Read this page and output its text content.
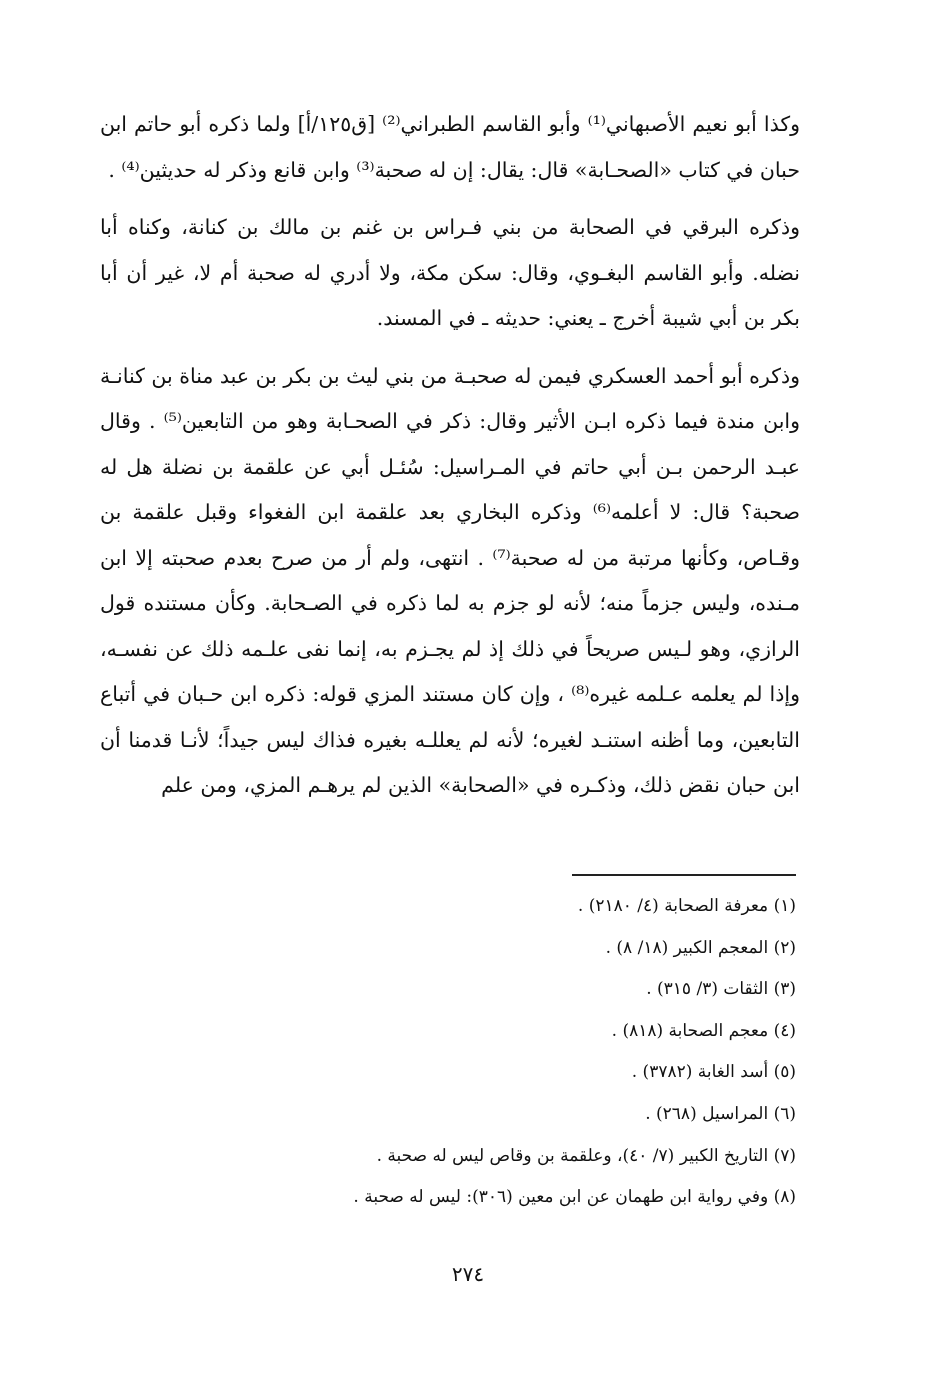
وكذا أبو نعيم الأصبهاني⁽¹⁾ وأبو القاسم الطبراني⁽²⁾ [ق١٢٥/أ] ولما ذكره أبو حاتم ابن حبان في كتاب «الصحـابة» قال: يقال: إن له صحبة⁽³⁾ وابن قانع وذكر له حديثين⁽⁴⁾ .

وذكره البرقي في الصحابة من بني فـراس بن غنم بن مالك بن كنانة، وكناه أبا نضله. وأبو القاسم البغـوي، وقال: سكن مكة، ولا أدري له صحبة أم لا، غير أن أبا بكر بن أبي شيبة أخرج ـ يعني: حديثه ـ في المسند.

وذكره أبو أحمد العسكري فيمن له صحبـة من بني ليث بن بكر بن عبد مناة بن كنانـة وابن مندة فيما ذكره ابـن الأثير وقال: ذكر في الصحـابة وهو من التابعين⁽⁵⁾ . وقال عبـد الرحمن بـن أبي حاتم في المـراسيل: سُئـل أبي عن علقمة بن نضلة هل له صحبة؟ قال: لا أعلمه⁽⁶⁾ وذكره البخاري بعد علقمة ابن الفغواء وقبل علقمة بن وقـاص، وكأنها مرتبة من له صحبة⁽⁷⁾ . انتهى، ولم أر من صرح بعدم صحبته إلا ابن مـنده، وليس جزماً منه؛ لأنه لو جزم به لما ذكره في الصـحابة. وكأن مستنده قول الرازي، وهو لـيس صريحاً في ذلك إذ لم يجـزم به، إنما نفى علـمه ذلك عن نفسـه، وإذا لم يعلمه عـلمه غيره⁽⁸⁾ ، وإن كان مستند المزي قوله: ذكره ابن حـبان في أتباع التابعين، وما أظنه استنـد لغيره؛ لأنه لم يعللـه بغيره فذاك ليس جيداً؛ لأنـا قدمنا أن ابن حبان نقض ذلك، وذكـره في «الصحابة» الذين لم يرهـم المزي، ومن علم

(١) معرفة الصحابة (٤/ ٢١٨٠) .

(٢) المعجم الكبير (١٨/ ٨) .

(٣) الثقات (٣/ ٣١٥) .

(٤) معجم الصحابة (٨١٨) .

(٥) أسد الغابة (٣٧٨٢) .

(٦) المراسيل (٢٦٨) .

(٧) التاريخ الكبير (٧/ ٤٠)، وعلقمة بن وقاص ليس له صحبة .

(٨) وفي رواية ابن طهمان عن ابن معين (٣٠٦): ليس له صحبة .

٢٧٤
